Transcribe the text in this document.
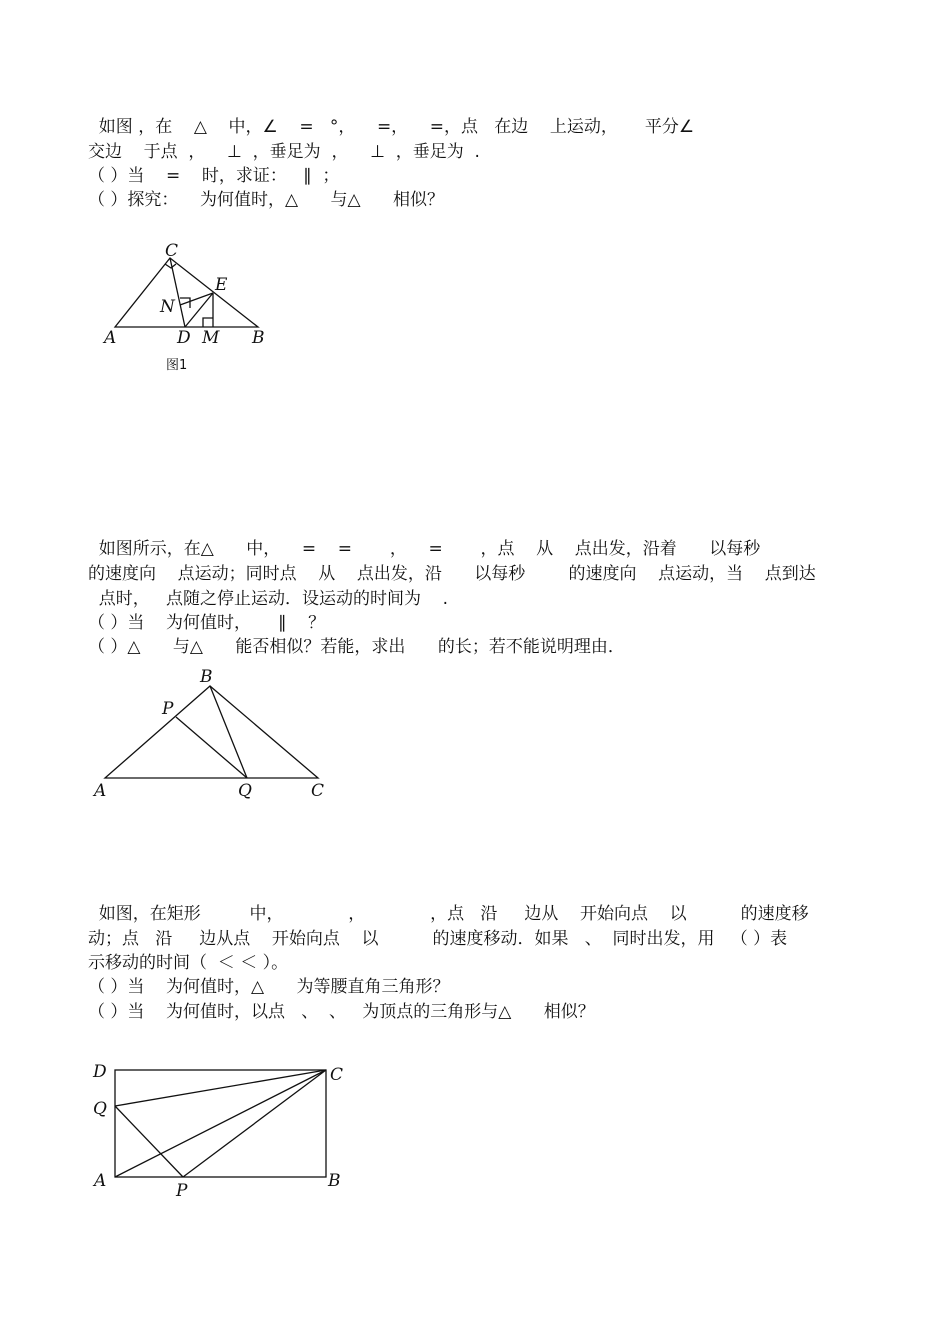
如图 ，在    △    中，∠    =   °，    =，    =，点   在边    上运动，     平分∠
交边    于点  ，    ⊥  ，垂足为  ，    ⊥  ，垂足为  .
（ ）当    =    时，求证：   ∥  ；
（ ）探究：    为何值时，△      与△      相似？
C
E
N
A	D M B
图1
如图所示，在△      中，    =    =       ，    =       ，点    从    点出发，沿着      以每秒
的速度向    点运动；同时点    从    点出发，沿      以每秒        的速度向    点运动，当    点到达
点时，   点随之停止运动．设运动的时间为    .
（ ）当    为何值时，     ∥    ？
（ ）△      与△      能否相似？若能，求出      的长；若不能说明理由．
B
P
A	Q	C
如图，在矩形         中，            ，            ，点   沿     边从    开始向点    以          的速度移
动；点   沿     边从点    开始向点    以          的速度移动．如果   、  同时出发，用   （ ）表
示移动的时间（  ＜ ＜ ）。
（ ）当    为何值时，△      为等腰直角三角形？
（ ）当    为何值时，以点   、  、   为顶点的三角形与△      相似？
D	C
Q
A	P	B
